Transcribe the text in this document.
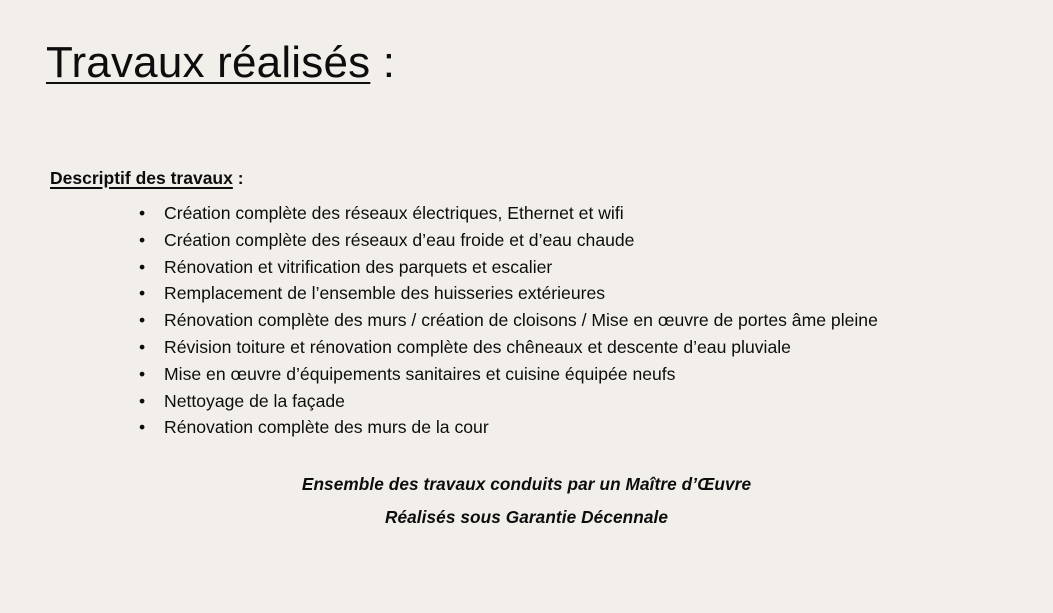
Travaux réalisés :
Descriptif des travaux :
• Création complète des réseaux électriques, Ethernet et wifi
• Création complète des réseaux d’eau froide et d’eau chaude
• Rénovation et vitrification des parquets et escalier
• Remplacement de l’ensemble des huisseries extérieures
• Rénovation complète des murs / création de cloisons / Mise en œuvre de portes âme pleine
• Révision toiture et rénovation complète des chêneaux et descente d’eau pluviale
• Mise en œuvre d’équipements sanitaires et cuisine équipée neufs
• Nettoyage de la façade
• Rénovation complète des murs de la cour
Ensemble des travaux conduits par un Maître d’Œuvre
Réalisés sous Garantie Décennale
